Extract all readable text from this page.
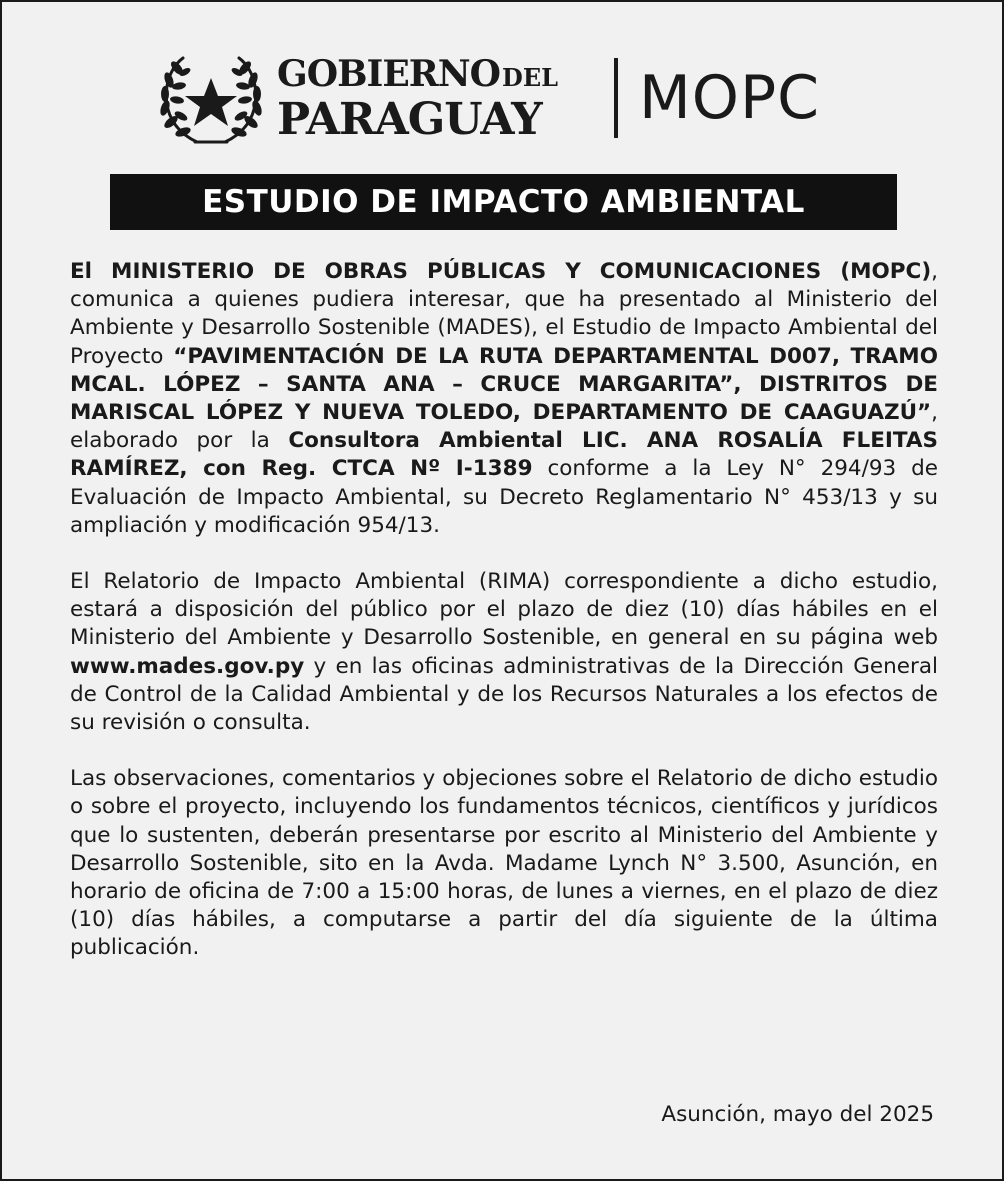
GOBIERNODEL
PARAGUAY	MOPC
ESTUDIO DE IMPACTO AMBIENTAL

El MINISTERIO DE OBRAS PÚBLICAS Y COMUNICACIONES (MOPC), comunica a quienes pudiera interesar, que ha presentado al Ministerio del Ambiente y Desarrollo Sostenible (MADES), el Estudio de Impacto Ambiental del Proyecto “PAVIMENTACIÓN DE LA RUTA DEPARTAMENTAL D007, TRAMO MCAL. LÓPEZ – SANTA ANA – CRUCE MARGARITA”, DISTRITOS DE MARISCAL LÓPEZ Y NUEVA TOLEDO, DEPARTAMENTO DE CAAGUAZÚ”, elaborado por la Consultora Ambiental LIC. ANA ROSALÍA FLEITAS RAMÍREZ, con Reg. CTCA Nº I-1389 conforme a la Ley N° 294/93 de Evaluación de Impacto Ambiental, su Decreto Reglamentario N° 453/13 y su ampliación y modificación 954/13.

El Relatorio de Impacto Ambiental (RIMA) correspondiente a dicho estudio, estará a disposición del público por el plazo de diez (10) días hábiles en el Ministerio del Ambiente y Desarrollo Sostenible, en general en su página web www.mades.gov.py y en las oficinas administrativas de la Dirección General de Control de la Calidad Ambiental y de los Recursos Naturales a los efectos de su revisión o consulta.

Las observaciones, comentarios y objeciones sobre el Relatorio de dicho estudio o sobre el proyecto, incluyendo los fundamentos técnicos, científicos y jurídicos que lo sustenten, deberán presentarse por escrito al Ministerio del Ambiente y Desarrollo Sostenible, sito en la Avda. Madame Lynch N° 3.500, Asunción, en horario de oficina de 7:00 a 15:00 horas, de lunes a viernes, en el plazo de diez (10) días hábiles, a computarse a partir del día siguiente de la última publicación.

Asunción, mayo del 2025
